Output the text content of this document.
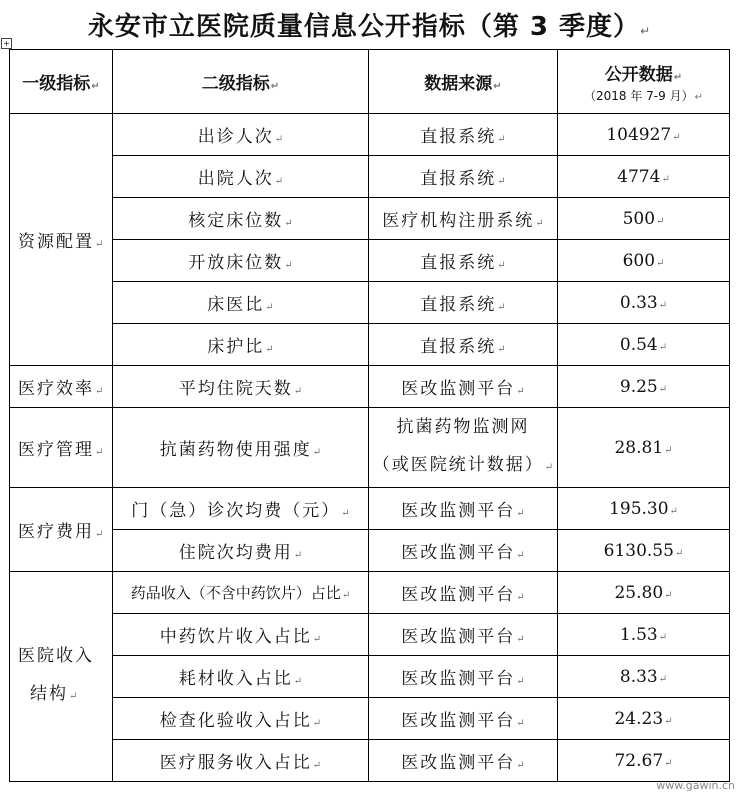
永安市立医院质量信息公开指标（第 3 季度）↵
+
一级指标 ↵	二级指标 ↵	数据来源 ↵	公开数据 ↵
（2018 年 7-9 月） ↵

资源配置 ↵	出诊人次 ↵	直报系统 ↵	104927 ↵
	出院人次 ↵	直报系统 ↵	4774 ↵
	核定床位数 ↵	医疗机构注册系统 ↵	500 ↵
	开放床位数 ↵	直报系统 ↵	600 ↵
	床医比 ↵	直报系统 ↵	0.33 ↵
	床护比 ↵	直报系统 ↵	0.54 ↵
医疗效率 ↵	平均住院天数 ↵	医改监测平台 ↵	9.25 ↵
医疗管理 ↵	抗菌药物使用强度 ↵	抗菌药物监测网
（或医院统计数据） ↵	28.81 ↵
医疗费用 ↵	门（急）诊次均费（元） ↵	医改监测平台 ↵	195.30 ↵
	住院次均费用 ↵	医改监测平台 ↵	6130.55 ↵
医院收入
结构 ↵	药品收入（不含中药饮片）占比 ↵	医改监测平台 ↵	25.80 ↵
	中药饮片收入占比 ↵	医改监测平台 ↵	1.53 ↵
	耗材收入占比 ↵	医改监测平台 ↵	8.33 ↵
	检查化验收入占比 ↵	医改监测平台 ↵	24.23 ↵
	医疗服务收入占比 ↵	医改监测平台 ↵	72.67 ↵
www.gawin.cn
